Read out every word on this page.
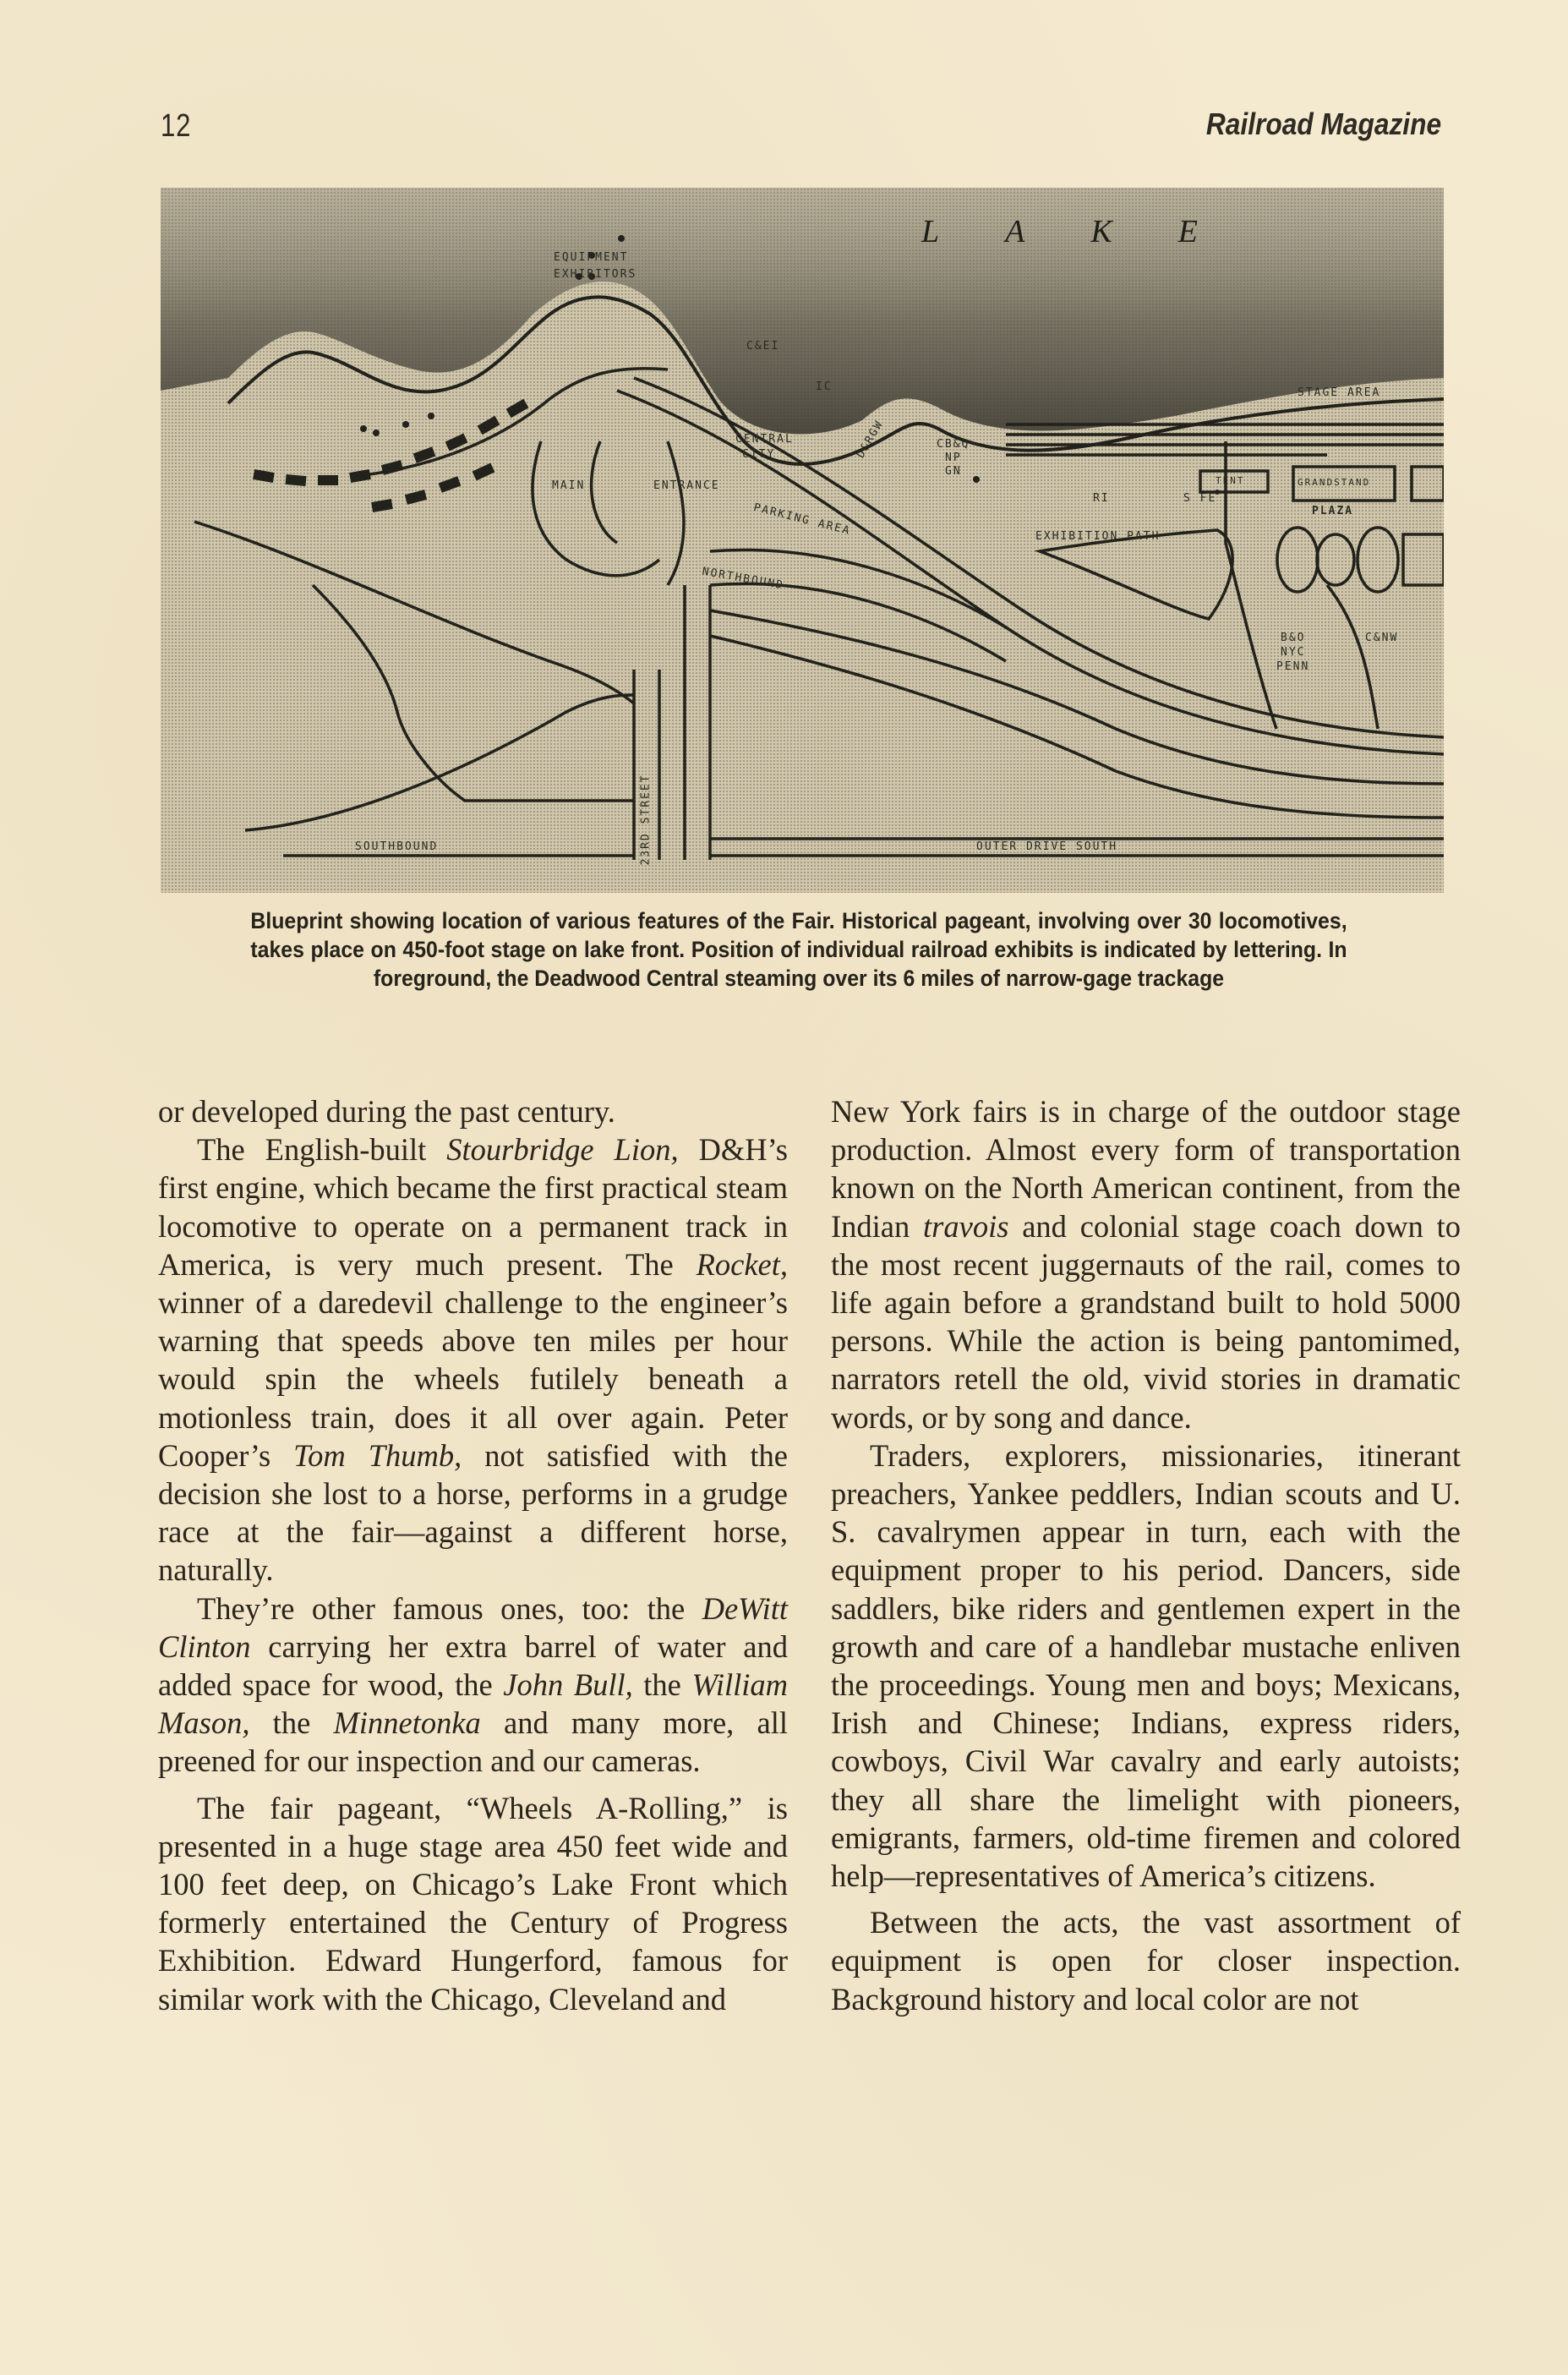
12	Railroad Magazine
LAKE
EQUIPMENT
EXHIBITORS
C&EI
IC
D&RGW	CB&Q
NP
GN
CENTRAL
CITY
MAIN	ENTRANCE
PARKING AREA
NORTHBOUND
SOUTHBOUND	23RD STREET	OUTER DRIVE SOUTH
EXHIBITION PATH
RI	S FE
TENT	GRANDSTAND
STAGE AREA
PLAZA
B&O
NYC
PENN
C&NW
Blueprint showing location of various features of the Fair. Historical pageant, involving over 30 locomotives, takes place on 450-foot stage on lake front. Position of individual railroad exhibits is indicated by lettering. In foreground, the Deadwood Central steaming over its 6 miles of narrow-gage trackage

or developed during the past century.

The English-built Stourbridge Lion, D&H’s first engine, which became the first practical steam locomotive to operate on a permanent track in America, is very much present. The Rocket, winner of a daredevil challenge to the engineer’s warning that speeds above ten miles per hour would spin the wheels futilely beneath a motionless train, does it all over again. Peter Cooper’s Tom Thumb, not satisfied with the decision she lost to a horse, performs in a grudge race at the fair—against a different horse, naturally.

They’re other famous ones, too: the DeWitt Clinton carrying her extra barrel of water and added space for wood, the John Bull, the William Mason, the Minnetonka and many more, all preened for our inspection and our cameras.

The fair pageant, “Wheels A-Rolling,” is presented in a huge stage area 450 feet wide and 100 feet deep, on Chicago’s Lake Front which formerly entertained the Century of Progress Exhibition. Edward Hungerford, famous for similar work with the Chicago, Cleveland and

New York fairs is in charge of the outdoor stage production. Almost every form of transportation known on the North American continent, from the Indian travois and colonial stage coach down to the most recent juggernauts of the rail, comes to life again before a grandstand built to hold 5000 persons. While the action is being pantomimed, narrators retell the old, vivid stories in dramatic words, or by song and dance.

Traders, explorers, missionaries, itinerant preachers, Yankee peddlers, Indian scouts and U. S. cavalrymen appear in turn, each with the equipment proper to his period. Dancers, side saddlers, bike riders and gentlemen expert in the growth and care of a handlebar mustache enliven the proceedings. Young men and boys; Mexicans, Irish and Chinese; Indians, express riders, cowboys, Civil War cavalry and early autoists; they all share the limelight with pioneers, emigrants, farmers, old-time firemen and colored help—representatives of America’s citizens.

Between the acts, the vast assortment of equipment is open for closer inspection. Background history and local color are not
